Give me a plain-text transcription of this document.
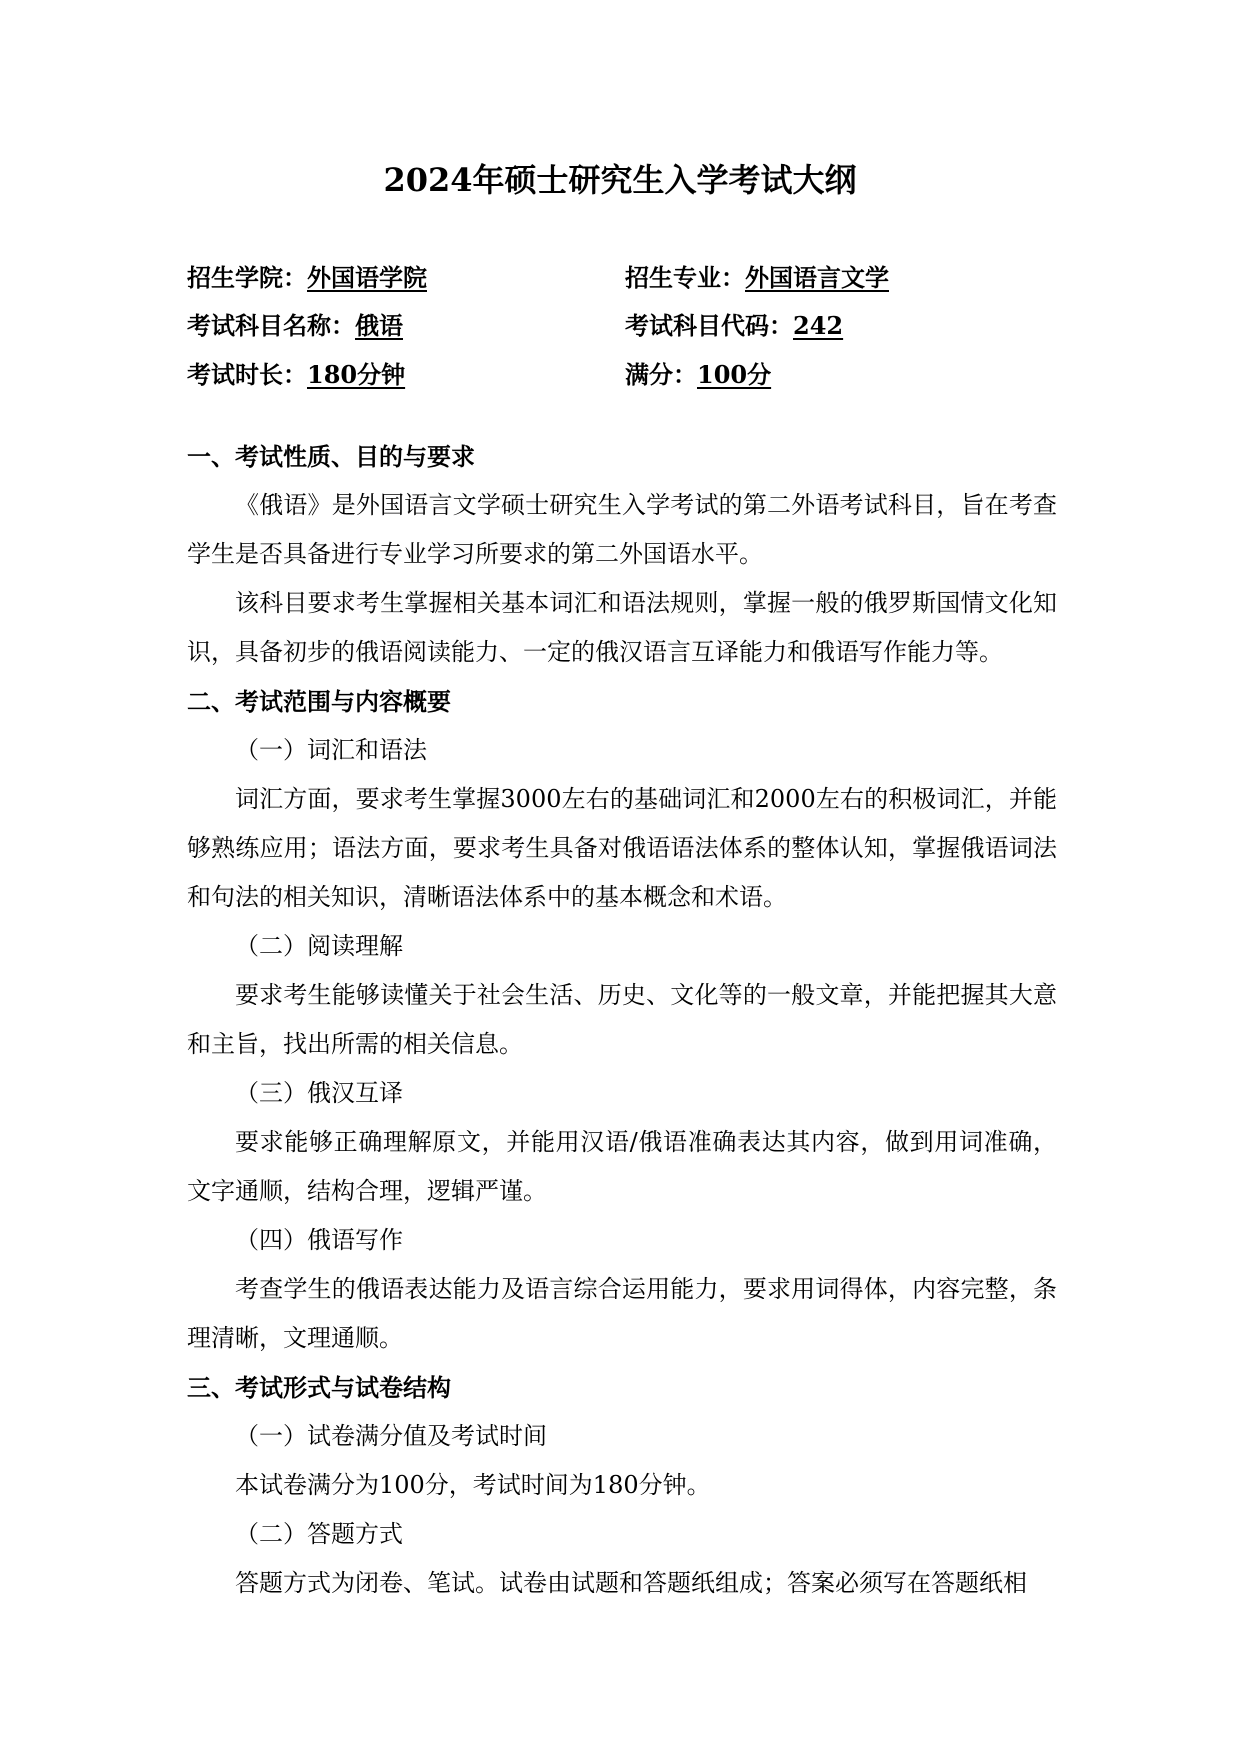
2024年硕士研究生入学考试大纲
招生学院：外国语学院	招生专业：外国语言文学
考试科目名称：俄语	考试科目代码：242
考试时长：180分钟	满分：100分
一、考试性质、目的与要求
《俄语》是外国语言文学硕士研究生入学考试的第二外语考试科目，旨在考查学生是否具备进行专业学习所要求的第二外国语水平。
该科目要求考生掌握相关基本词汇和语法规则，掌握一般的俄罗斯国情文化知识，具备初步的俄语阅读能力、一定的俄汉语言互译能力和俄语写作能力等。
二、考试范围与内容概要
（一）词汇和语法
词汇方面，要求考生掌握3000左右的基础词汇和2000左右的积极词汇，并能够熟练应用；语法方面，要求考生具备对俄语语法体系的整体认知，掌握俄语词法和句法的相关知识，清晰语法体系中的基本概念和术语。
（二）阅读理解
要求考生能够读懂关于社会生活、历史、文化等的一般文章，并能把握其大意和主旨，找出所需的相关信息。
（三）俄汉互译
要求能够正确理解原文，并能用汉语/俄语准确表达其内容，做到用词准确，文字通顺，结构合理，逻辑严谨。
（四）俄语写作
考查学生的俄语表达能力及语言综合运用能力，要求用词得体，内容完整，条理清晰，文理通顺。
三、考试形式与试卷结构
（一）试卷满分值及考试时间
本试卷满分为100分，考试时间为180分钟。
（二）答题方式
答题方式为闭卷、笔试。试卷由试题和答题纸组成；答案必须写在答题纸相
